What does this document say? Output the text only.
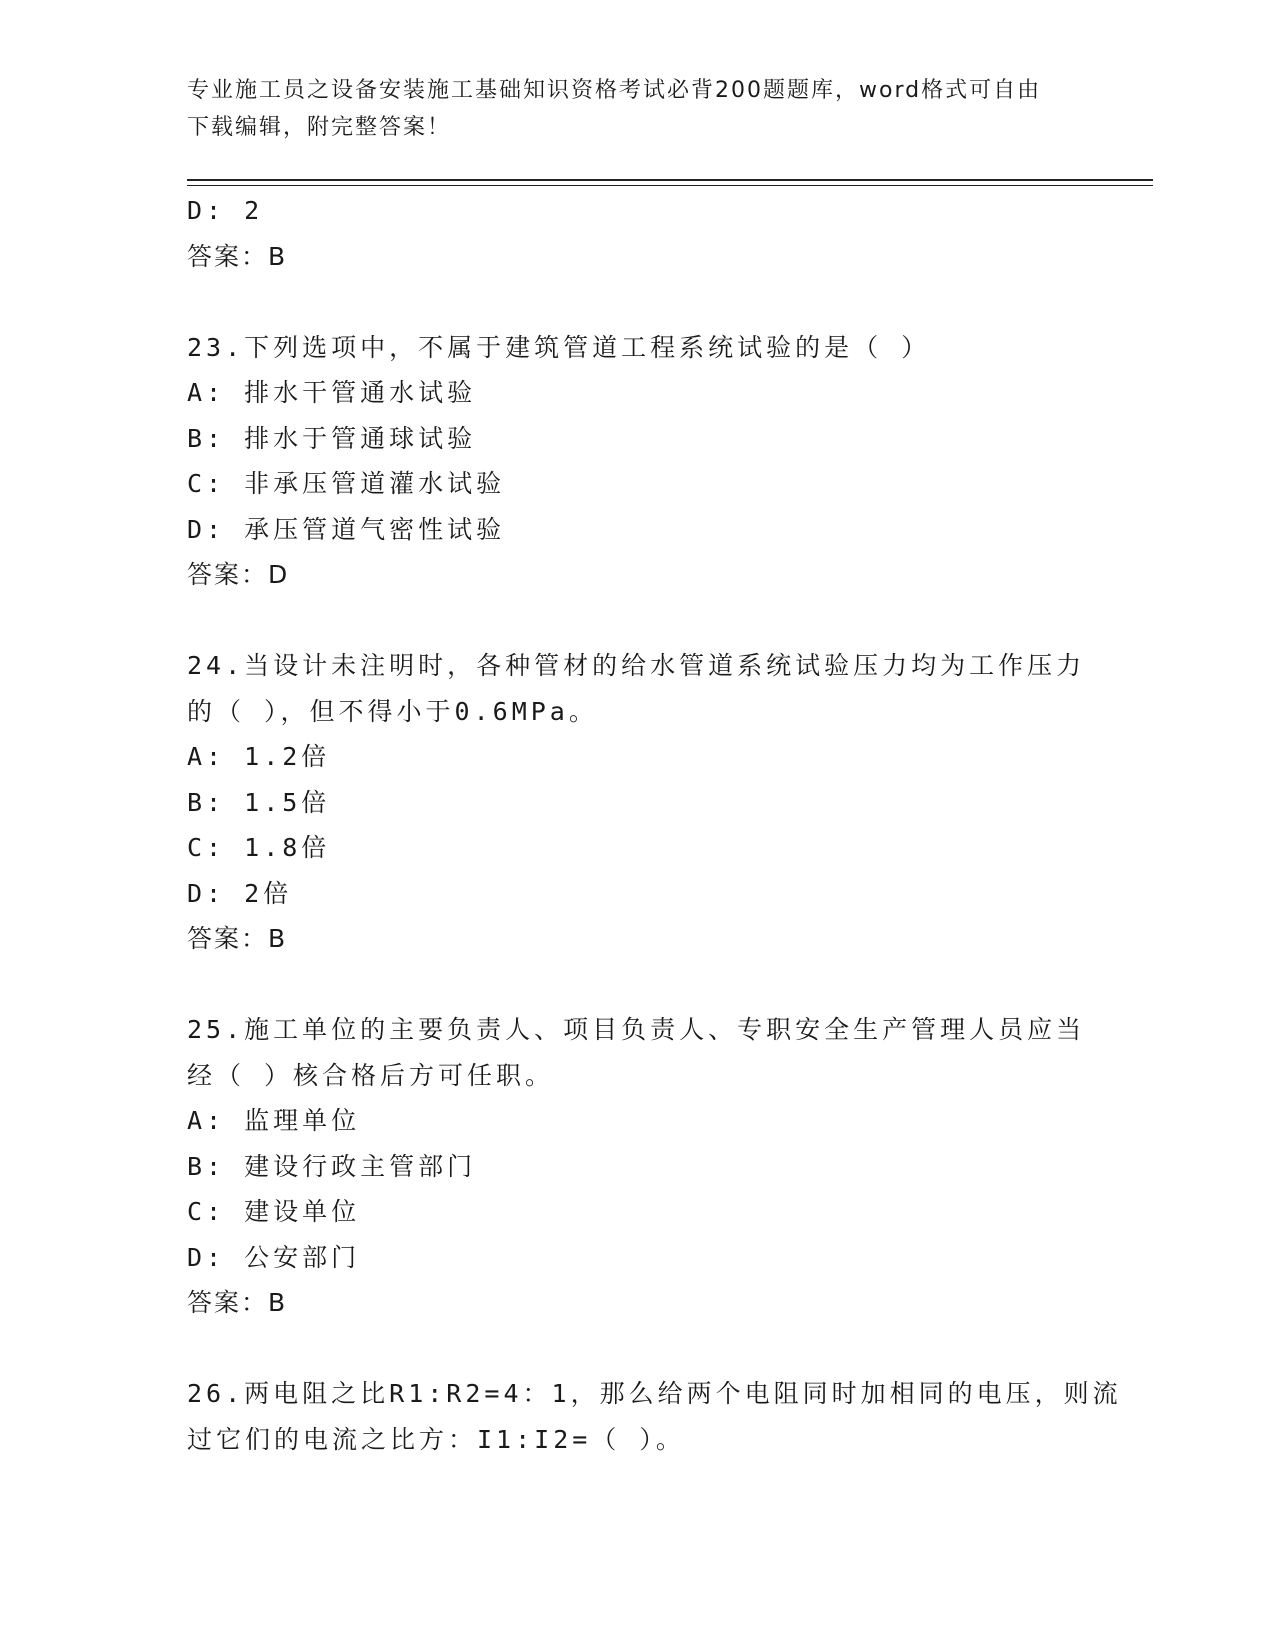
专业施工员之设备安装施工基础知识资格考试必背200题题库，word格式可自由
下载编辑，附完整答案！
D: 2
答案：B
23.下列选项中，不属于建筑管道工程系统试验的是（ ）
A: 排水干管通水试验
B: 排水于管通球试验
C: 非承压管道灌水试验
D: 承压管道气密性试验
答案：D
24.当设计未注明时，各种管材的给水管道系统试验压力均为工作压力
的（ ），但不得小于0.6MPa。
A: 1.2倍
B: 1.5倍
C: 1.8倍
D: 2倍
答案：B
25.施工单位的主要负责人、项目负责人、专职安全生产管理人员应当
经（ ）核合格后方可任职。
A: 监理单位
B: 建设行政主管部门
C: 建设单位
D: 公安部门
答案：B
26.两电阻之比R1:R2=4：1，那么给两个电阻同时加相同的电压，则流
过它们的电流之比方：I1:I2=（ ）。
